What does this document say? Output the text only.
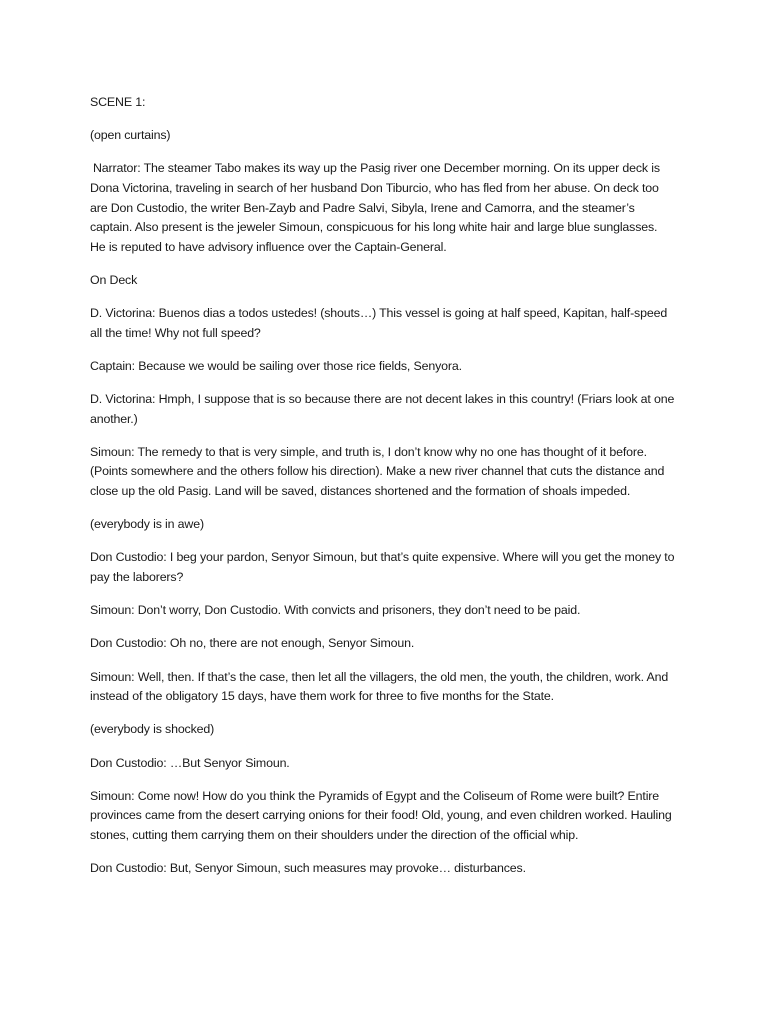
SCENE 1:

(open curtains)

Narrator: The steamer Tabo makes its way up the Pasig river one December morning. On its upper deck is Dona Victorina, traveling in search of her husband Don Tiburcio, who has fled from her abuse. On deck too are Don Custodio, the writer Ben-Zayb and Padre Salvi, Sibyla, Irene and Camorra, and the steamer’s captain. Also present is the jeweler Simoun, conspicuous for his long white hair and large blue sunglasses. He is reputed to have advisory influence over the Captain-General.

On Deck

D. Victorina: Buenos dias a todos ustedes! (shouts…) This vessel is going at half speed, Kapitan, half-speed all the time! Why not full speed?

Captain: Because we would be sailing over those rice fields, Senyora.

D. Victorina: Hmph, I suppose that is so because there are not decent lakes in this country! (Friars look at one another.)

Simoun: The remedy to that is very simple, and truth is, I don’t know why no one has thought of it before. (Points somewhere and the others follow his direction). Make a new river channel that cuts the distance and close up the old Pasig. Land will be saved, distances shortened and the formation of shoals impeded.

(everybody is in awe)

Don Custodio: I beg your pardon, Senyor Simoun, but that’s quite expensive. Where will you get the money to pay the laborers?

Simoun: Don’t worry, Don Custodio. With convicts and prisoners, they don’t need to be paid.

Don Custodio: Oh no, there are not enough, Senyor Simoun.

Simoun: Well, then. If that’s the case, then let all the villagers, the old men, the youth, the children, work. And instead of the obligatory 15 days, have them work for three to five months for the State.

(everybody is shocked)

Don Custodio: …But Senyor Simoun.

Simoun: Come now! How do you think the Pyramids of Egypt and the Coliseum of Rome were built? Entire provinces came from the desert carrying onions for their food! Old, young, and even children worked. Hauling stones, cutting them carrying them on their shoulders under the direction of the official whip.

Don Custodio: But, Senyor Simoun, such measures may provoke… disturbances.
